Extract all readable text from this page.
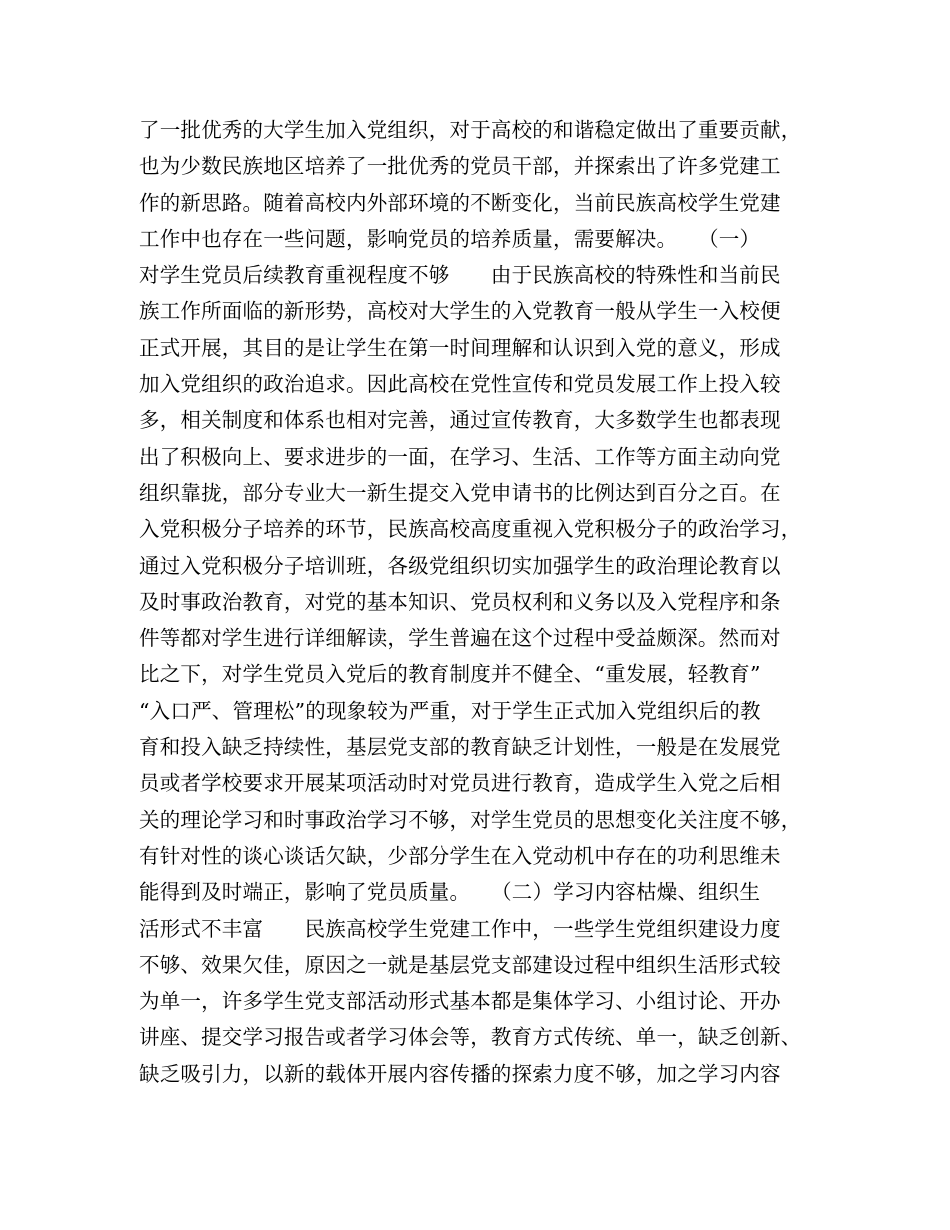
了一批优秀的大学生加入党组织，对于高校的和谐稳定做出了重要贡献，
也为少数民族地区培养了一批优秀的党员干部，并探索出了许多党建工
作的新思路。随着高校内外部环境的不断变化，当前民族高校学生党建
工作中也存在一些问题，影响党员的培养质量，需要解决。　　（一）
对学生党员后续教育重视程度不够　　由于民族高校的特殊性和当前民
族工作所面临的新形势，高校对大学生的入党教育一般从学生一入校便
正式开展，其目的是让学生在第一时间理解和认识到入党的意义，形成
加入党组织的政治追求。因此高校在党性宣传和党员发展工作上投入较
多，相关制度和体系也相对完善，通过宣传教育，大多数学生也都表现
出了积极向上、要求进步的一面，在学习、生活、工作等方面主动向党
组织靠拢，部分专业大一新生提交入党申请书的比例达到百分之百。在
入党积极分子培养的环节，民族高校高度重视入党积极分子的政治学习，
通过入党积极分子培训班，各级党组织切实加强学生的政治理论教育以
及时事政治教育，对党的基本知识、党员权利和义务以及入党程序和条
件等都对学生进行详细解读，学生普遍在这个过程中受益颇深。然而对
比之下，对学生党员入党后的教育制度并不健全、“重发展，轻教育”
“入口严、管理松”的现象较为严重，对于学生正式加入党组织后的教
育和投入缺乏持续性，基层党支部的教育缺乏计划性，一般是在发展党
员或者学校要求开展某项活动时对党员进行教育，造成学生入党之后相
关的理论学习和时事政治学习不够，对学生党员的思想变化关注度不够，
有针对性的谈心谈话欠缺，少部分学生在入党动机中存在的功利思维未
能得到及时端正，影响了党员质量。　　（二）学习内容枯燥、组织生
活形式不丰富　　民族高校学生党建工作中，一些学生党组织建设力度
不够、效果欠佳，原因之一就是基层党支部建设过程中组织生活形式较
为单一，许多学生党支部活动形式基本都是集体学习、小组讨论、开办
讲座、提交学习报告或者学习体会等，教育方式传统、单一，缺乏创新、
缺乏吸引力，以新的载体开展内容传播的探索力度不够，加之学习内容
